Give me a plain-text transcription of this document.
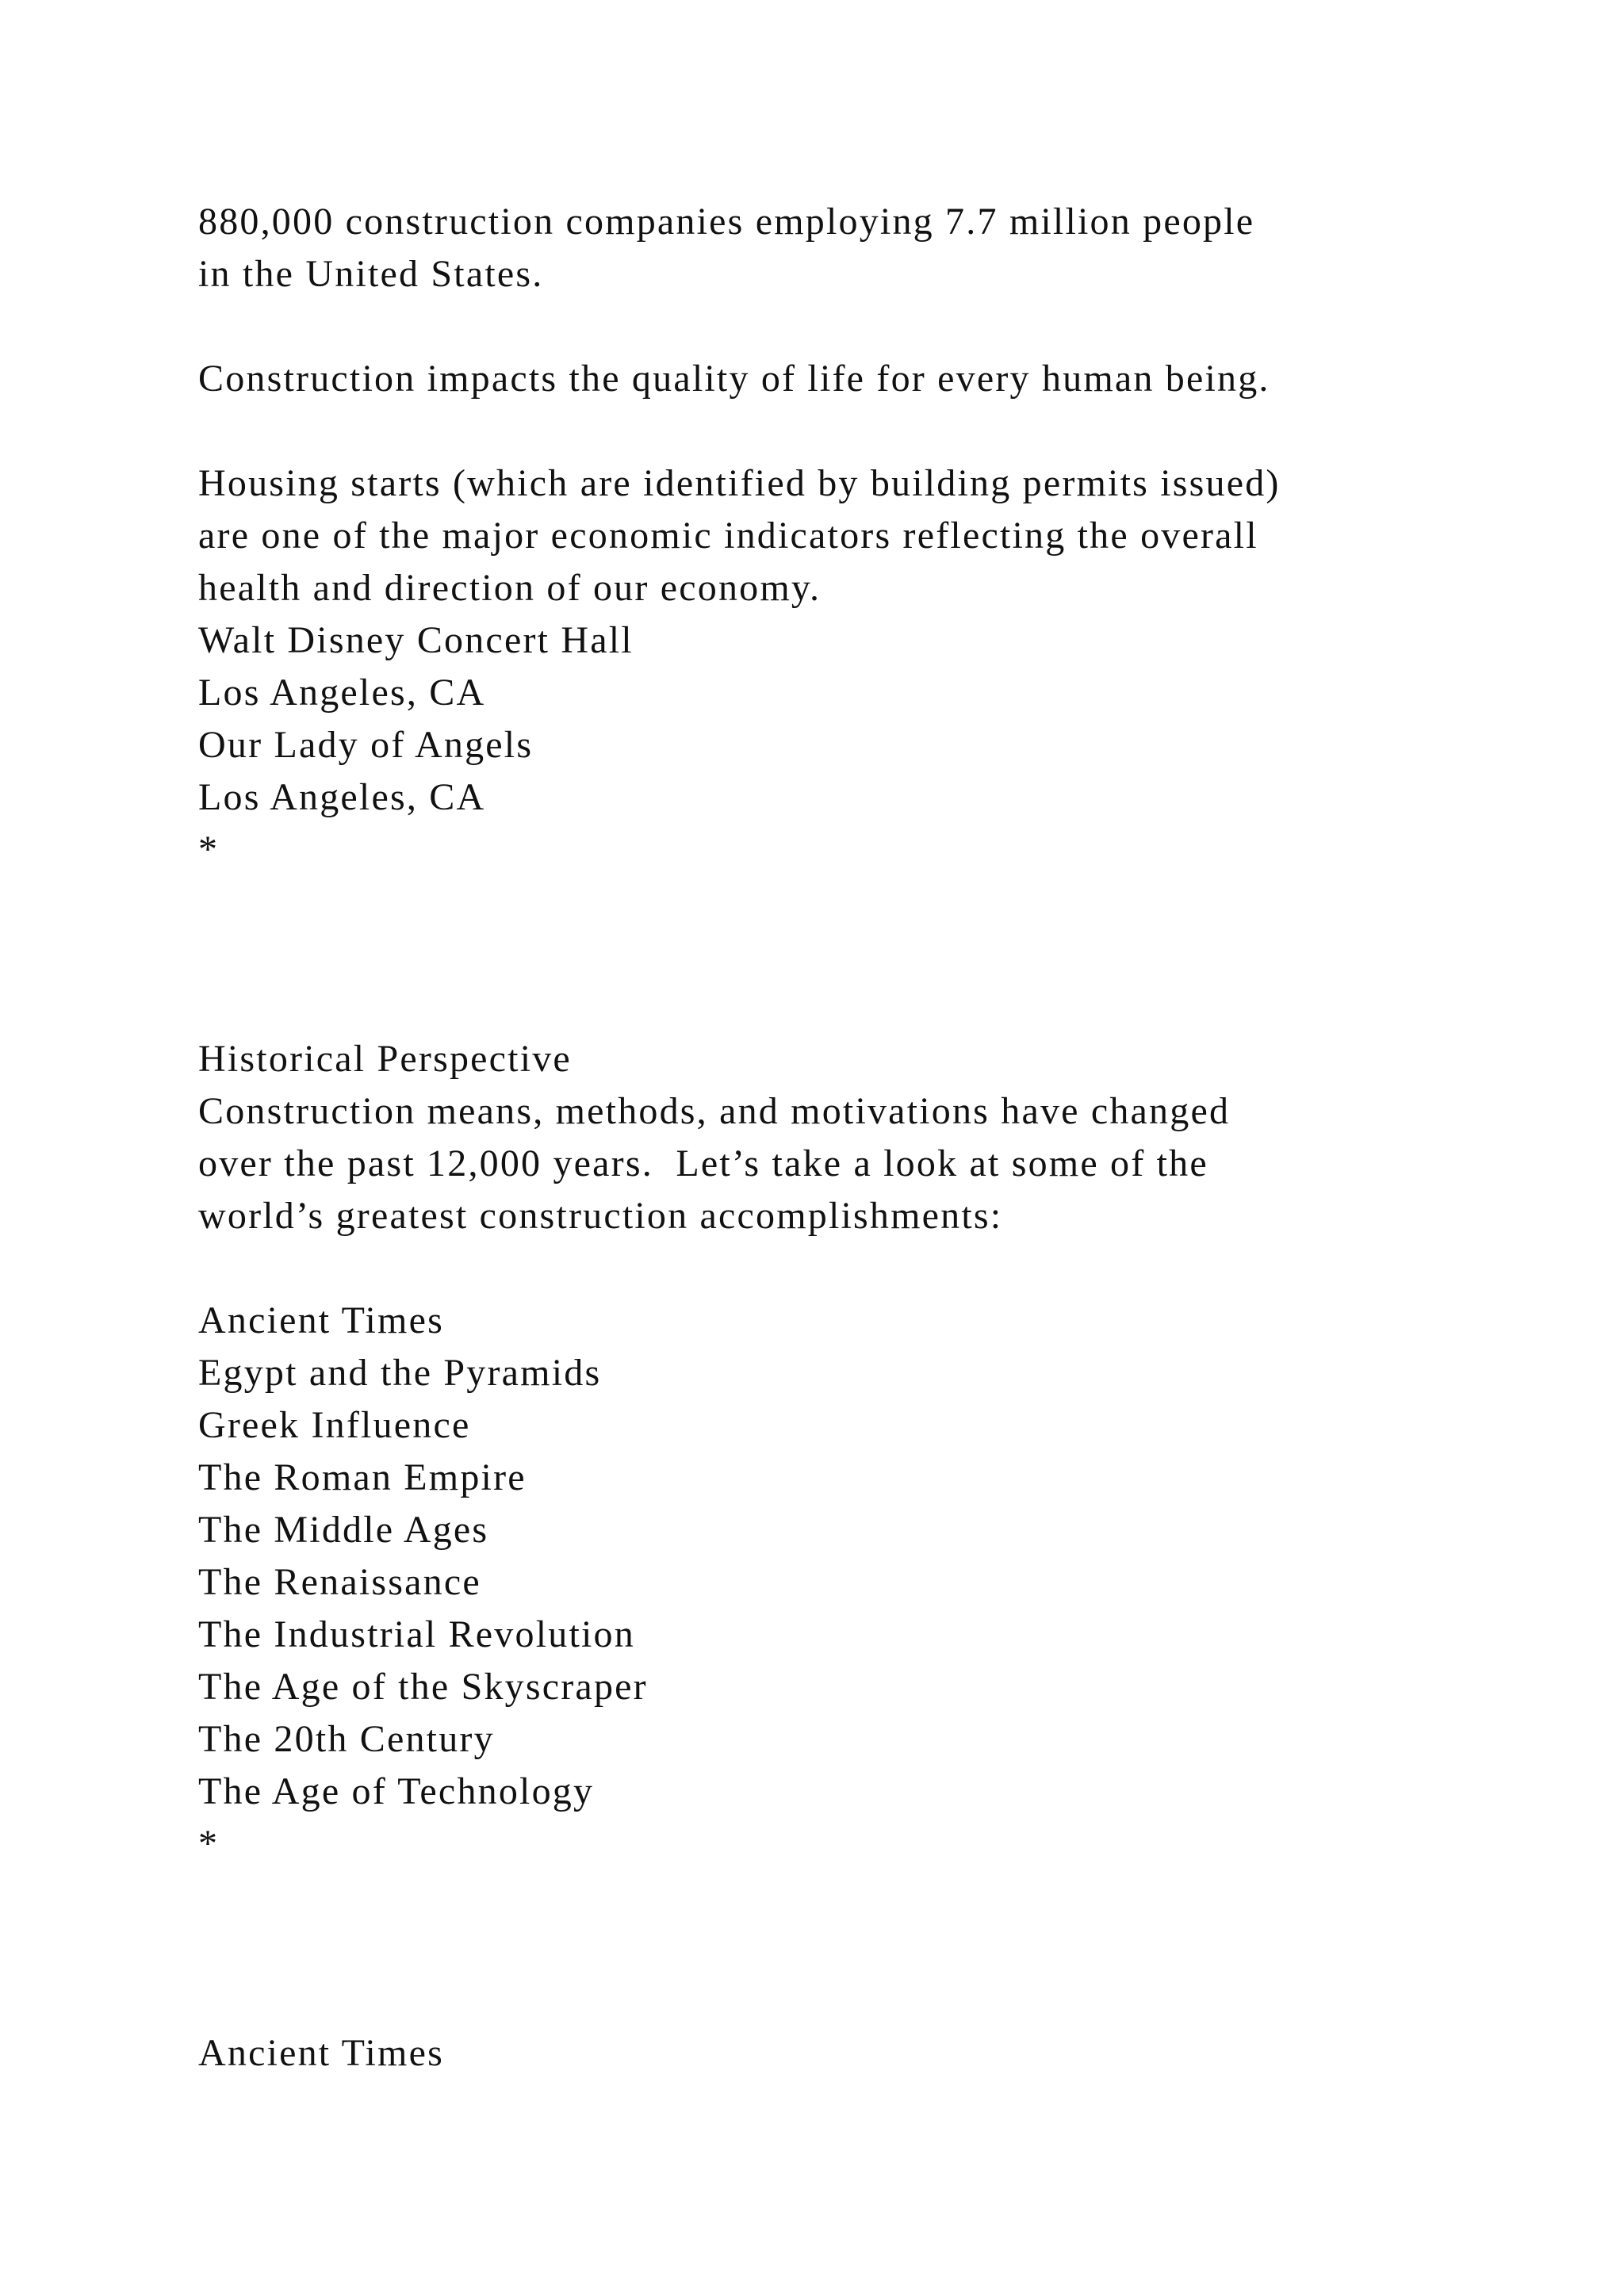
880,000 construction companies employing 7.7 million people

in the United States.

Construction impacts the quality of life for every human being.

Housing starts (which are identified by building permits issued)

are one of the major economic indicators reflecting the overall

health and direction of our economy.

Walt Disney Concert Hall

Los Angeles, CA

Our Lady of Angels

Los Angeles, CA

*

Historical Perspective

Construction means, methods, and motivations have changed

over the past 12,000 years.  Let’s take a look at some of the

world’s greatest construction accomplishments:

Ancient Times

Egypt and the Pyramids

Greek Influence

The Roman Empire

The Middle Ages

The Renaissance

The Industrial Revolution

The Age of the Skyscraper

The 20th Century

The Age of Technology

*

Ancient Times
